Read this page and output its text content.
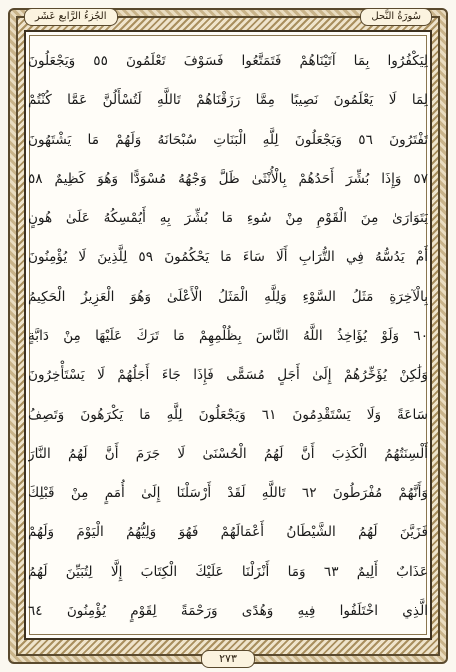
الجُزءُ الرَّابع عَشَر	سُورَةُ النَّحل
لِيَكْفُرُوا بِمَا آتَيْنَاهُمْ فَتَمَتَّعُوا فَسَوْفَ تَعْلَمُونَ ٥٥ وَيَجْعَلُونَ
لِمَا لَا يَعْلَمُونَ نَصِيبًا مِمَّا رَزَقْنَاهُمْ تَاللَّهِ لَتُسْأَلُنَّ عَمَّا كُنْتُمْ
تَفْتَرُونَ ٥٦ وَيَجْعَلُونَ لِلَّهِ الْبَنَاتِ سُبْحَانَهُ وَلَهُمْ مَا يَشْتَهُونَ
٥٧ وَإِذَا بُشِّرَ أَحَدُهُمْ بِالْأُنْثَىٰ ظَلَّ وَجْهُهُ مُسْوَدًّا وَهُوَ كَظِيمٌ ٥٨
يَتَوَارَىٰ مِنَ الْقَوْمِ مِنْ سُوءِ مَا بُشِّرَ بِهِ أَيُمْسِكُهُ عَلَىٰ هُونٍ
أَمْ يَدُسُّهُ فِي التُّرَابِ أَلَا سَاءَ مَا يَحْكُمُونَ ٥٩ لِلَّذِينَ لَا يُؤْمِنُونَ
بِالْآخِرَةِ مَثَلُ السَّوْءِ وَلِلَّهِ الْمَثَلُ الْأَعْلَىٰ وَهُوَ الْعَزِيزُ الْحَكِيمُ
٦٠ وَلَوْ يُؤَاخِذُ اللَّهُ النَّاسَ بِظُلْمِهِمْ مَا تَرَكَ عَلَيْهَا مِنْ دَابَّةٍ
وَلَٰكِنْ يُؤَخِّرُهُمْ إِلَىٰ أَجَلٍ مُسَمًّى فَإِذَا جَاءَ أَجَلُهُمْ لَا يَسْتَأْخِرُونَ
سَاعَةً وَلَا يَسْتَقْدِمُونَ ٦١ وَيَجْعَلُونَ لِلَّهِ مَا يَكْرَهُونَ وَتَصِفُ
أَلْسِنَتُهُمُ الْكَذِبَ أَنَّ لَهُمُ الْحُسْنَىٰ لَا جَرَمَ أَنَّ لَهُمُ النَّارَ
وَأَنَّهُمْ مُفْرَطُونَ ٦٢ تَاللَّهِ لَقَدْ أَرْسَلْنَا إِلَىٰ أُمَمٍ مِنْ قَبْلِكَ
فَزَيَّنَ لَهُمُ الشَّيْطَانُ أَعْمَالَهُمْ فَهُوَ وَلِيُّهُمُ الْيَوْمَ وَلَهُمْ
عَذَابٌ أَلِيمٌ ٦٣ وَمَا أَنْزَلْنَا عَلَيْكَ الْكِتَابَ إِلَّا لِتُبَيِّنَ لَهُمُ
الَّذِي اخْتَلَفُوا فِيهِ وَهُدًى وَرَحْمَةً لِقَوْمٍ يُؤْمِنُونَ ٦٤
٢٧٣
